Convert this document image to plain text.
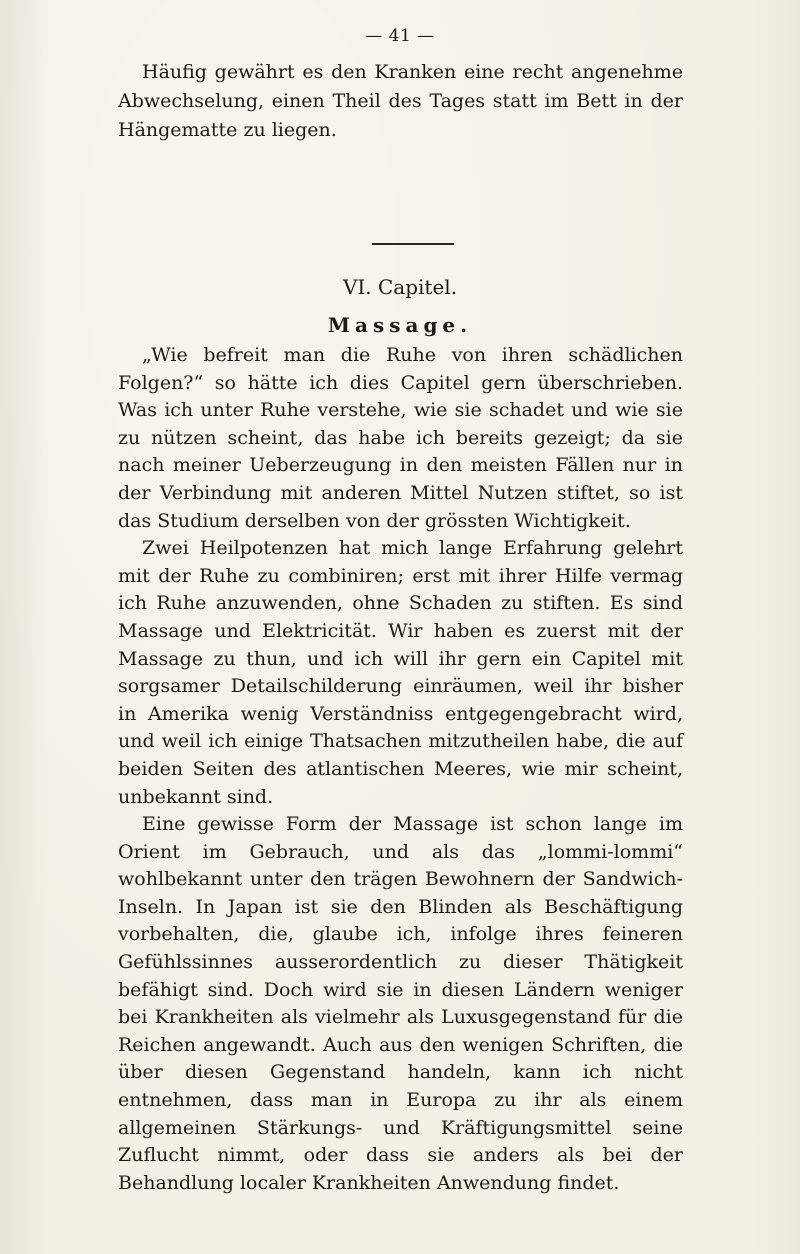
— 41 —

Häufig gewährt es den Kranken eine recht angenehme Abwechselung, einen Theil des Tages statt im Bett in der Hängematte zu liegen.

VI. Capitel.
Massage.

„Wie befreit man die Ruhe von ihren schädlichen Folgen?“ so hätte ich dies Capitel gern überschrieben. Was ich unter Ruhe verstehe, wie sie schadet und wie sie zu nützen scheint, das habe ich bereits gezeigt; da sie nach meiner Ueberzeugung in den meisten Fällen nur in der Verbindung mit anderen Mittel Nutzen stiftet, so ist das Studium derselben von der grössten Wichtigkeit.

Zwei Heilpotenzen hat mich lange Erfahrung gelehrt mit der Ruhe zu combiniren; erst mit ihrer Hilfe vermag ich Ruhe anzuwenden, ohne Schaden zu stiften. Es sind Massage und Elektricität. Wir haben es zuerst mit der Massage zu thun, und ich will ihr gern ein Capitel mit sorgsamer Detailschilderung einräumen, weil ihr bisher in Amerika wenig Verständniss entgegengebracht wird, und weil ich einige Thatsachen mitzutheilen habe, die auf beiden Seiten des atlantischen Meeres, wie mir scheint, unbekannt sind.

Eine gewisse Form der Massage ist schon lange im Orient im Gebrauch, und als das „lommi-lommi“ wohlbekannt unter den trägen Bewohnern der Sandwich-Inseln. In Japan ist sie den Blinden als Beschäftigung vorbehalten, die, glaube ich, infolge ihres feineren Gefühlssinnes ausserordentlich zu dieser Thätigkeit befähigt sind. Doch wird sie in diesen Ländern weniger bei Krankheiten als vielmehr als Luxusgegenstand für die Reichen angewandt. Auch aus den wenigen Schriften, die über diesen Gegenstand handeln, kann ich nicht entnehmen, dass man in Europa zu ihr als einem allgemeinen Stärkungs- und Kräftigungsmittel seine Zuflucht nimmt, oder dass sie anders als bei der Behandlung localer Krankheiten Anwendung findet.
